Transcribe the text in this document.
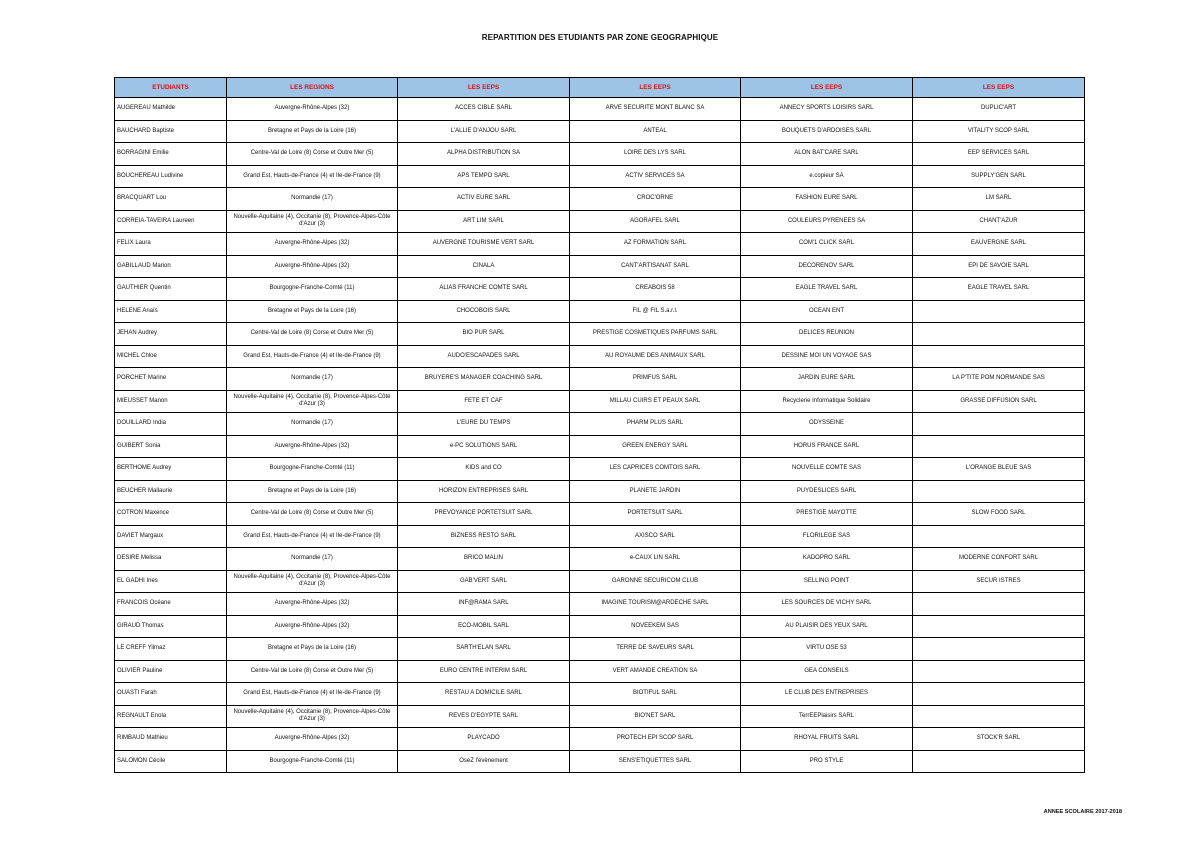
REPARTITION DES ETUDIANTS PAR ZONE GEOGRAPHIQUE
ETUDIANTS	LES REGIONS	LES EEPS	LES EEPS	LES EEPS	LES EEPS
AUGEREAU Mathilde	Auvergne-Rhône-Alpes (32)	ACCES CIBLE SARL	ARVE SECURITE MONT BLANC SA	ANNECY SPORTS LOISIRS SARL	DUPLIC'ART
BAUCHARD Baptiste	Bretagne et Pays de la Loire (16)	L'ALLIE D'ANJOU SARL	ANTEAL	BOUQUETS D'ARDOISES SARL	VITALITY SCOP SARL
BORRAGINI Emilie	Centre-Val de Loire (8) Corse et Outre Mer (5)	ALPHA DISTRIBUTION SA	LOIRE DES LYS SARL	ALON BAT'CARE SARL	EEP SERVICES SARL
BOUCHEREAU Ludivine	Grand Est, Hauts-de-France (4) et Ile-de-France (9)	APS TEMPO SARL	ACTIV SERVICES SA	e.copieur SA	SUPPLY'GEN SARL
BRACQUART Lou	Normandie (17)	ACTIV EURE SARL	CROC'ORNE	FASHION EURE SARL	LM SARL
CORREIA-TAVEIRA Laureen	Nouvelle-Aquitaine (4), Occitanie (8), Provence-Alpes-Côte d'Azur (3)	ART LIM SARL	AGORAFEL SARL	COULEURS PYRENEES SA	CHANT'AZUR
FELIX Laura	Auvergne-Rhône-Alpes (32)	AUVERGNE TOURISME VERT SARL	AZ FORMATION SARL	COM'1 CLICK SARL	EAUVERGNE SARL
GABILLAUD Marion	Auvergne-Rhône-Alpes (32)	CINALA	CANT'ARTISANAT SARL	DECORENOV SARL	EPI DE SAVOIE SARL
GAUTHIER Quentin	Bourgogne-Franche-Comté (11)	ALIAS FRANCHE COMTE SARL	CREABOIS 58	EAGLE TRAVEL SARL	EAGLE TRAVEL SARL
HELENE Anaïs	Bretagne et Pays de la Loire (16)	CHOCOBOIS SARL	FIL @ FIL S.a.r.l.	OCEAN ENT	
JEHAN Audrey	Centre-Val de Loire (8) Corse et Outre Mer (5)	BIO PUR SARL	PRESTIGE COSMETIQUES PARFUMS SARL	DELICES REUNION	
MICHEL Chloe	Grand Est, Hauts-de-France (4) et Ile-de-France (9)	AUDO'ESCAPADES SARL	AU ROYAUME DES ANIMAUX SARL	DESSINE MOI UN VOYAGE SAS	
PORCHET Marine	Normandie (17)	BRUYERE'S MANAGER COACHING SARL	PRIMFUS SARL	JARDIN EURE SARL	LA P'TITE POM NORMANDE SAS
MIEUSSET Manon	Nouvelle-Aquitaine (4), Occitanie (8), Provence-Alpes-Côte d'Azur (3)	FETE ET CAF	MILLAU CUIRS ET PEAUX SARL	Recyclerie Informatique Solidaire	GRASSE DIFFUSION SARL
DOUILLARD India	Normandie (17)	L'EURE DU TEMPS	PHARM PLUS SARL	ODYSSEINE	
GUIBERT Sonia	Auvergne-Rhône-Alpes (32)	e-PC SOLUTIONS SARL	GREEN ENERGY SARL	HORUS FRANCE SARL	
BERTHOME Audrey	Bourgogne-Franche-Comté (11)	KIDS and CO	LES CAPRICES COMTOIS SARL	NOUVELLE COMTE SAS	L'ORANGE BLEUE SAS
BEUCHER Mallaurie	Bretagne et Pays de la Loire (16)	HORIZON ENTREPRISES SARL	PLANETE JARDIN	PUYDESLICES SARL	
COTRON Maxence	Centre-Val de Loire (8) Corse et Outre Mer (5)	PREVOYANCE PORTETSUIT SARL	PORTETSUIT SARL	PRESTIGE MAYOTTE	SLOW FOOD SARL
DAVIET Margaux	Grand Est, Hauts-de-France (4) et Ile-de-France (9)	BIZNESS RESTO SARL	AXISCO SARL	FLORILEGE SAS	
DESIRE Melissa	Normandie (17)	BRICO MALIN	e-CAUX LIN SARL	KADOPRO SARL	MODERNE CONFORT SARL
EL GADHI Ines	Nouvelle-Aquitaine (4), Occitanie (8), Provence-Alpes-Côte d'Azur (3)	GAB'VERT SARL	GARONNE SECURICOM CLUB	SELLING POINT	SECUR ISTRES
FRANCOIS Océane	Auvergne-Rhône-Alpes (32)	INF@RAMA SARL	IMAGINE TOURISM@ARDECHE SARL	LES SOURCES DE VICHY SARL	
GIRAUD Thomas	Auvergne-Rhône-Alpes (32)	ECO-MOBIL SARL	NOVEEKEM SAS	AU PLAISIR DES YEUX SARL	
LE CREFF Yilmaz	Bretagne et Pays de la Loire (16)	SARTH'ELAN SARL	TERRE DE SAVEURS SARL	VIRTU OSE 53	
OLIVIER Pauline	Centre-Val de Loire (8) Corse et Outre Mer (5)	EURO CENTRE INTERIM SARL	VERT AMANDE CREATION SA	GEA CONSEILS	
OUASTI Farah	Grand Est, Hauts-de-France (4) et Ile-de-France (9)	RESTAU A DOMICILE SARL	BIOTIFUL SARL	LE CLUB DES ENTREPRISES	
REGNAULT Enola	Nouvelle-Aquitaine (4), Occitanie (8), Provence-Alpes-Côte d'Azur (3)	REVES D'EGYPTE SARL	BIO'NET SARL	TerrEEPlaisirs SARL	
RIMBAUD Mathieu	Auvergne-Rhône-Alpes (32)	PLAYCADO	PROTECH EPI SCOP SARL	RHOYAL FRUITS SARL	STOCK'R SARL
SALOMON Cécile	Bourgogne-Franche-Comté (11)	OseZ l'évènement	SENS'ETIQUETTES SARL	PRO STYLE	
ANNEE SCOLAIRE 2017-2018
